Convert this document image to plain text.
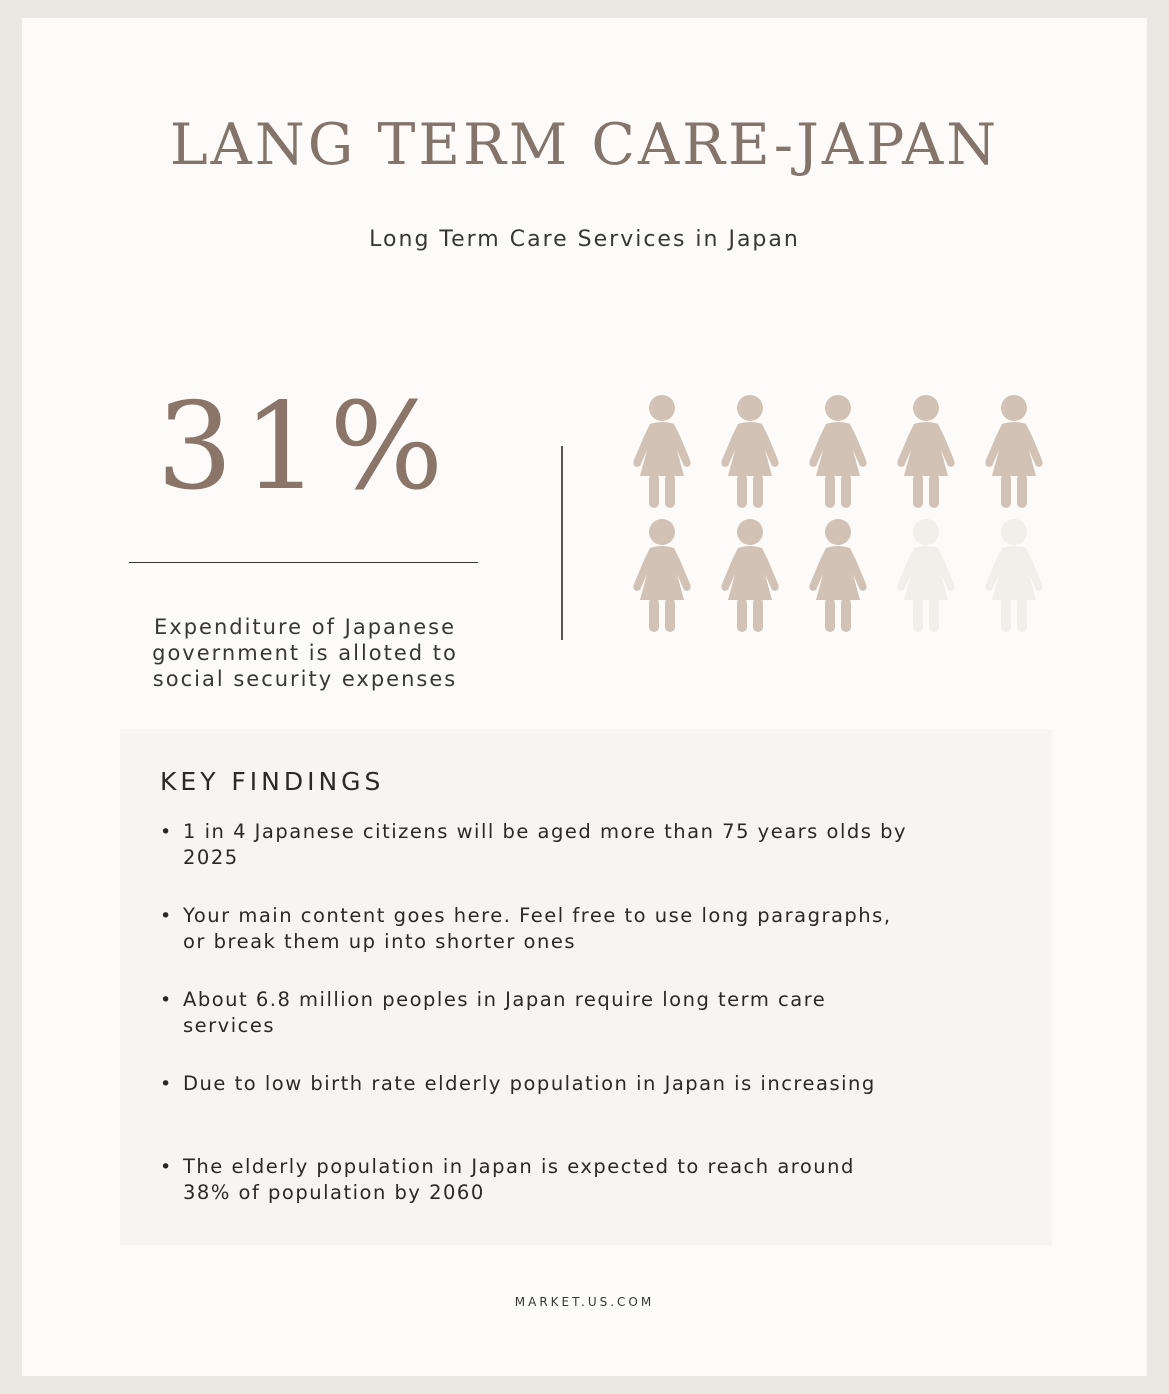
LANG TERM CARE-JAPAN
Long Term Care Services in Japan
31%
Expenditure of Japanese
government is alloted to
social security expenses
KEY FINDINGS
• 1 in 4 Japanese citizens will be aged more than 75 years olds by
2025
• Your main content goes here. Feel free to use long paragraphs,
or break them up into shorter ones
• About 6.8 million peoples in Japan require long term care
services
• Due to low birth rate elderly population in Japan is increasing
• The elderly population in Japan is expected to reach around
38% of population by 2060
MARKET.US.COM
